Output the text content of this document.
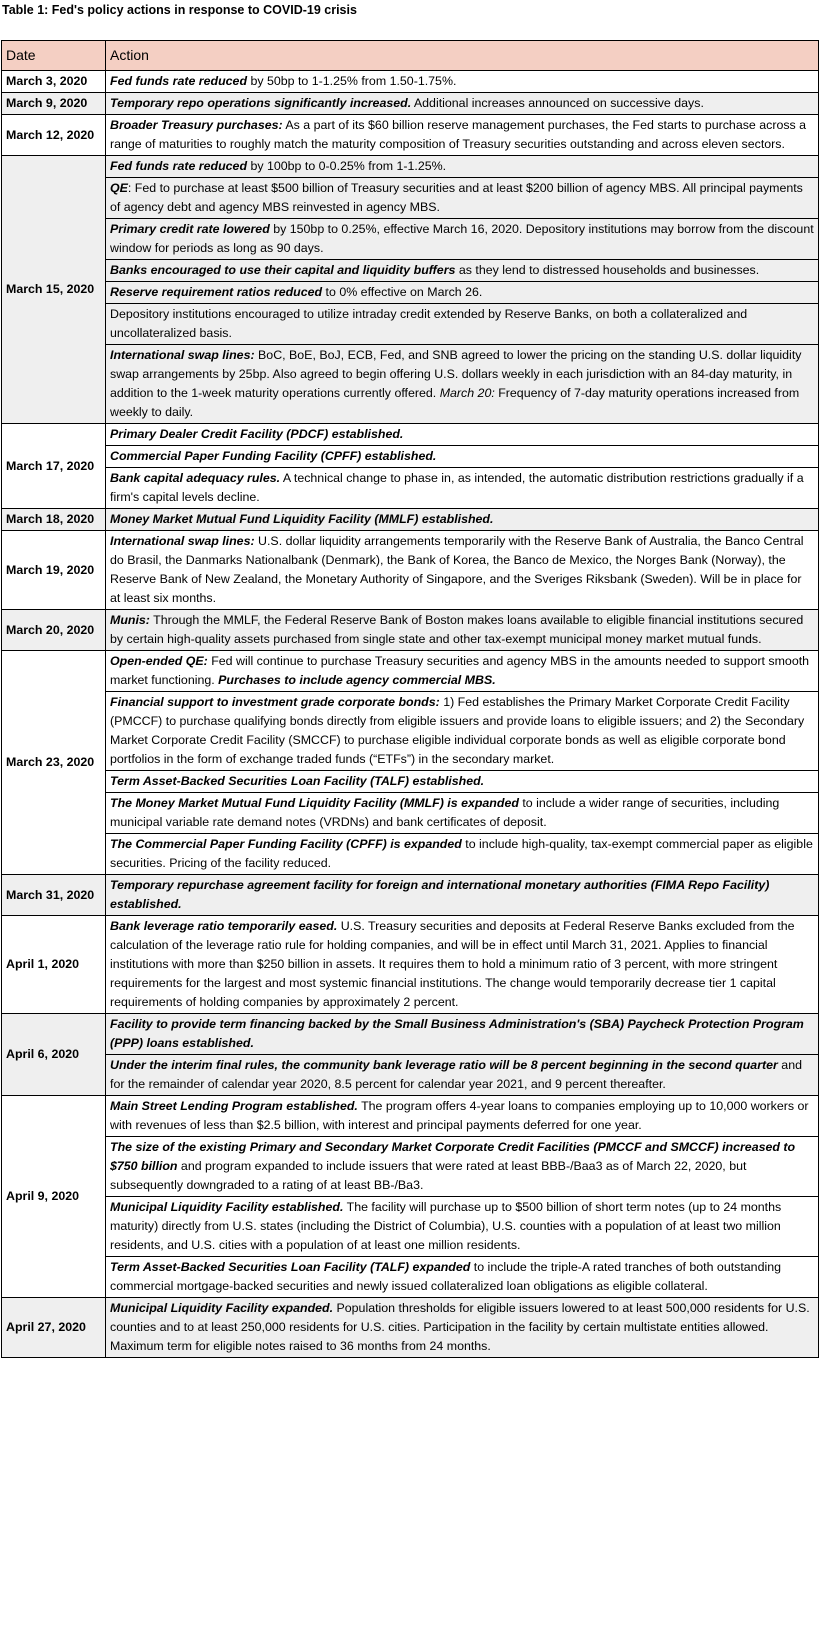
Table 1: Fed's policy actions in response to COVID-19 crisis
Date	Action
March 3, 2020	Fed funds rate reduced by 50bp to 1-1.25% from 1.50-1.75%.
March 9, 2020	Temporary repo operations significantly increased. Additional increases announced on successive days.
March 12, 2020	Broader Treasury purchases: As a part of its $60 billion reserve management purchases, the Fed starts to purchase across a range of maturities to roughly match the maturity composition of Treasury securities outstanding and across eleven sectors.
March 15, 2020	Fed funds rate reduced by 100bp to 0-0.25% from 1-1.25%.
	QE: Fed to purchase at least $500 billion of Treasury securities and at least $200 billion of agency MBS. All principal payments of agency debt and agency MBS reinvested in agency MBS.
	Primary credit rate lowered by 150bp to 0.25%, effective March 16, 2020. Depository institutions may borrow from the discount window for periods as long as 90 days.
	Banks encouraged to use their capital and liquidity buffers as they lend to distressed households and businesses.
	Reserve requirement ratios reduced to 0% effective on March 26.
	Depository institutions encouraged to utilize intraday credit extended by Reserve Banks, on both a collateralized and uncollateralized basis.
	International swap lines: BoC, BoE, BoJ, ECB, Fed, and SNB agreed to lower the pricing on the standing U.S. dollar liquidity swap arrangements by 25bp. Also agreed to begin offering U.S. dollars weekly in each jurisdiction with an 84-day maturity, in addition to the 1-week maturity operations currently offered. March 20: Frequency of 7-day maturity operations increased from weekly to daily.
March 17, 2020	Primary Dealer Credit Facility (PDCF) established.
	Commercial Paper Funding Facility (CPFF) established.
	Bank capital adequacy rules. A technical change to phase in, as intended, the automatic distribution restrictions gradually if a firm's capital levels decline.
March 18, 2020	Money Market Mutual Fund Liquidity Facility (MMLF) established.
March 19, 2020	International swap lines: U.S. dollar liquidity arrangements temporarily with the Reserve Bank of Australia, the Banco Central do Brasil, the Danmarks Nationalbank (Denmark), the Bank of Korea, the Banco de Mexico, the Norges Bank (Norway), the Reserve Bank of New Zealand, the Monetary Authority of Singapore, and the Sveriges Riksbank (Sweden). Will be in place for at least six months.
March 20, 2020	Munis: Through the MMLF, the Federal Reserve Bank of Boston makes loans available to eligible financial institutions secured by certain high-quality assets purchased from single state and other tax-exempt municipal money market mutual funds.
March 23, 2020	Open-ended QE: Fed will continue to purchase Treasury securities and agency MBS in the amounts needed to support smooth market functioning. Purchases to include agency commercial MBS.
	Financial support to investment grade corporate bonds: 1) Fed establishes the Primary Market Corporate Credit Facility (PMCCF) to purchase qualifying bonds directly from eligible issuers and provide loans to eligible issuers; and 2) the Secondary Market Corporate Credit Facility (SMCCF) to purchase eligible individual corporate bonds as well as eligible corporate bond portfolios in the form of exchange traded funds (“ETFs”) in the secondary market.
	Term Asset-Backed Securities Loan Facility (TALF) established.
	The Money Market Mutual Fund Liquidity Facility (MMLF) is expanded to include a wider range of securities, including municipal variable rate demand notes (VRDNs) and bank certificates of deposit.
	The Commercial Paper Funding Facility (CPFF) is expanded to include high-quality, tax-exempt commercial paper as eligible securities. Pricing of the facility reduced.
March 31, 2020	Temporary repurchase agreement facility for foreign and international monetary authorities (FIMA Repo Facility) established.
April 1, 2020	Bank leverage ratio temporarily eased. U.S. Treasury securities and deposits at Federal Reserve Banks excluded from the calculation of the leverage ratio rule for holding companies, and will be in effect until March 31, 2021. Applies to financial institutions with more than $250 billion in assets. It requires them to hold a minimum ratio of 3 percent, with more stringent requirements for the largest and most systemic financial institutions. The change would temporarily decrease tier 1 capital requirements of holding companies by approximately 2 percent.
April 6, 2020	Facility to provide term financing backed by the Small Business Administration's (SBA) Paycheck Protection Program (PPP) loans established.
	Under the interim final rules, the community bank leverage ratio will be 8 percent beginning in the second quarter and for the remainder of calendar year 2020, 8.5 percent for calendar year 2021, and 9 percent thereafter.
April 9, 2020	Main Street Lending Program established. The program offers 4-year loans to companies employing up to 10,000 workers or with revenues of less than $2.5 billion, with interest and principal payments deferred for one year.
	The size of the existing Primary and Secondary Market Corporate Credit Facilities (PMCCF and SMCCF) increased to $750 billion and program expanded to include issuers that were rated at least BBB-/Baa3 as of March 22, 2020, but subsequently downgraded to a rating of at least BB-/Ba3.
	Municipal Liquidity Facility established. The facility will purchase up to $500 billion of short term notes (up to 24 months maturity) directly from U.S. states (including the District of Columbia), U.S. counties with a population of at least two million residents, and U.S. cities with a population of at least one million residents.
	Term Asset-Backed Securities Loan Facility (TALF) expanded to include the triple-A rated tranches of both outstanding commercial mortgage-backed securities and newly issued collateralized loan obligations as eligible collateral.
April 27, 2020	Municipal Liquidity Facility expanded. Population thresholds for eligible issuers lowered to at least 500,000 residents for U.S. counties and to at least 250,000 residents for U.S. cities. Participation in the facility by certain multistate entities allowed. Maximum term for eligible notes raised to 36 months from 24 months.
